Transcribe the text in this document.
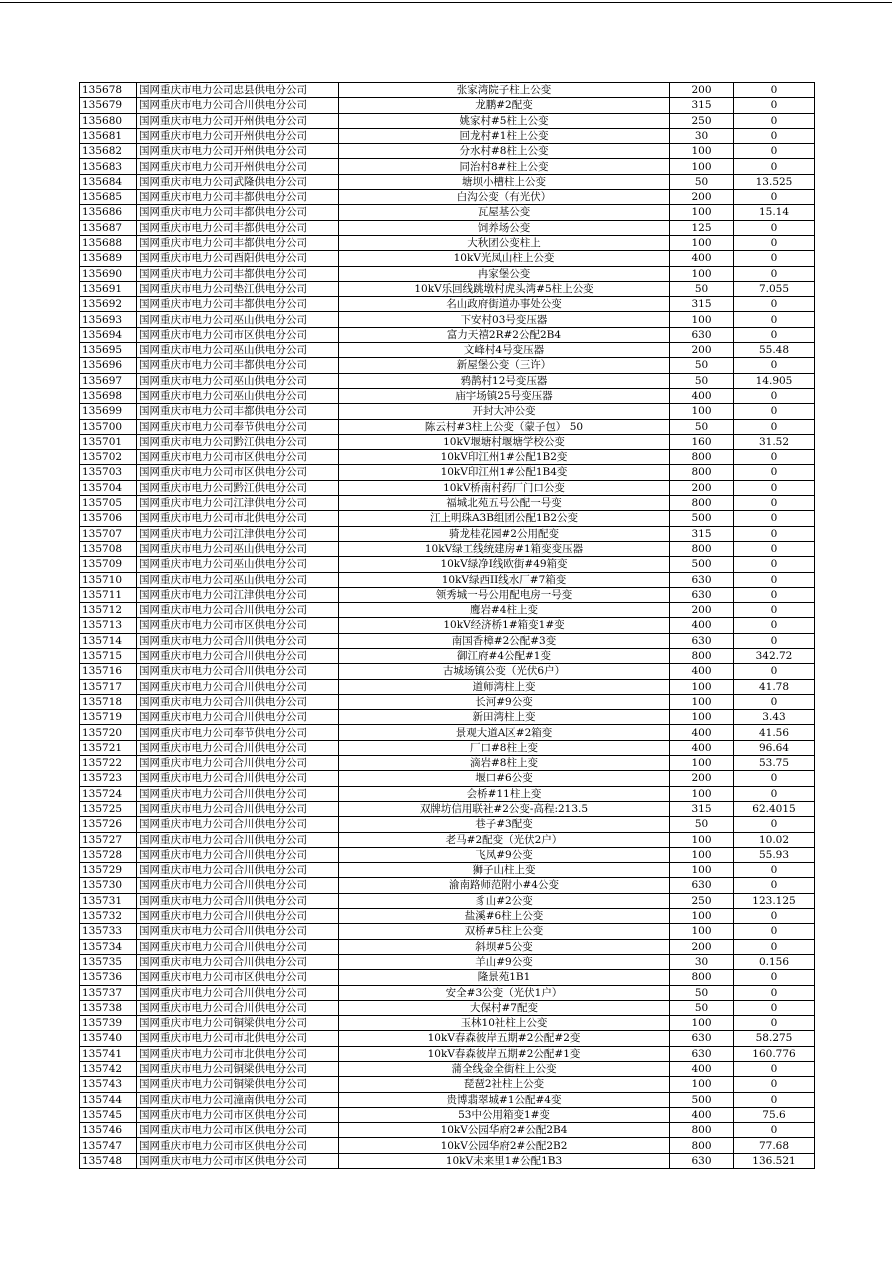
135678	国网重庆市电力公司忠县供电分公司	张家湾院子柱上公变	200	0
135679	国网重庆市电力公司合川供电分公司	龙鹏#2配变	315	0
135680	国网重庆市电力公司开州供电分公司	姚家村#5柱上公变	250	0
135681	国网重庆市电力公司开州供电分公司	回龙村#1柱上公变	30	0
135682	国网重庆市电力公司开州供电分公司	分水村#8柱上公变	100	0
135683	国网重庆市电力公司开州供电分公司	同治村8#柱上公变	100	0
135684	国网重庆市电力公司武隆供电分公司	塘坝小槽柱上公变	50	13.525
135685	国网重庆市电力公司丰都供电分公司	白沟公变（有光伏）	200	0
135686	国网重庆市电力公司丰都供电分公司	瓦屋基公变	100	15.14
135687	国网重庆市电力公司丰都供电分公司	饲养场公变	125	0
135688	国网重庆市电力公司丰都供电分公司	大秋团公变柱上	100	0
135689	国网重庆市电力公司酉阳供电分公司	10kV光凤山柱上公变	400	0
135690	国网重庆市电力公司丰都供电分公司	冉家堡公变	100	0
135691	国网重庆市电力公司垫江供电分公司	10kV乐回线跳墩村虎头湾#5柱上公变	50	7.055
135692	国网重庆市电力公司丰都供电分公司	名山政府街道办事处公变	315	0
135693	国网重庆市电力公司巫山供电分公司	下安村03号变压器	100	0
135694	国网重庆市电力公司市区供电分公司	富力天禧2R#2公配2B4	630	0
135695	国网重庆市电力公司巫山供电分公司	文峰村4号变压器	200	55.48
135696	国网重庆市电力公司丰都供电分公司	新屋堡公变（三许）	50	0
135697	国网重庆市电力公司巫山供电分公司	鸦鹊村12号变压器	50	14.905
135698	国网重庆市电力公司巫山供电分公司	庙宇场镇25号变压器	400	0
135699	国网重庆市电力公司丰都供电分公司	开封大冲公变	100	0
135700	国网重庆市电力公司奉节供电分公司	陈云村#3柱上公变（蒙子包） 50	50	0
135701	国网重庆市电力公司黔江供电分公司	10kV堰塘村堰塘学校公变	160	31.52
135702	国网重庆市电力公司市区供电分公司	10kV印江州1#公配1B2变	800	0
135703	国网重庆市电力公司市区供电分公司	10kV印江州1#公配1B4变	800	0
135704	国网重庆市电力公司黔江供电分公司	10kV桥南村药厂门口公变	200	0
135705	国网重庆市电力公司江津供电分公司	福城北苑五号公配一号变	800	0
135706	国网重庆市电力公司市北供电分公司	江上明珠A3B组团公配1B2公变	500	0
135707	国网重庆市电力公司江津供电分公司	骑龙桂花园#2公用配变	315	0
135708	国网重庆市电力公司巫山供电分公司	10kV绿工线统建房#1箱变变压器	800	0
135709	国网重庆市电力公司巫山供电分公司	10kV绿净I线欧街#49箱变	500	0
135710	国网重庆市电力公司巫山供电分公司	10kV绿西II线水厂#7箱变	630	0
135711	国网重庆市电力公司江津供电分公司	领秀城一号公用配电房一号变	630	0
135712	国网重庆市电力公司合川供电分公司	鹰岩#4柱上变	200	0
135713	国网重庆市电力公司市区供电分公司	10kV经济桥1#箱变1#变	400	0
135714	国网重庆市电力公司合川供电分公司	南国香樟#2公配#3变	630	0
135715	国网重庆市电力公司合川供电分公司	御江府#4公配#1变	800	342.72
135716	国网重庆市电力公司合川供电分公司	古城场镇公变（光伏6户）	400	0
135717	国网重庆市电力公司合川供电分公司	道师湾柱上变	100	41.78
135718	国网重庆市电力公司合川供电分公司	长河#9公变	100	0
135719	国网重庆市电力公司合川供电分公司	新田湾柱上变	100	3.43
135720	国网重庆市电力公司奉节供电分公司	景观大道A区#2箱变	400	41.56
135721	国网重庆市电力公司合川供电分公司	厂口#8柱上变	400	96.64
135722	国网重庆市电力公司合川供电分公司	滴岩#8柱上变	100	53.75
135723	国网重庆市电力公司合川供电分公司	堰口#6公变	200	0
135724	国网重庆市电力公司合川供电分公司	会桥#11柱上变	100	0
135725	国网重庆市电力公司合川供电分公司	双牌坊信用联社#2公变-高程:213.5	315	62.4015
135726	国网重庆市电力公司合川供电分公司	巷子#3配变	50	0
135727	国网重庆市电力公司合川供电分公司	老马#2配变（光伏2户）	100	10.02
135728	国网重庆市电力公司合川供电分公司	飞凤#9公变	100	55.93
135729	国网重庆市电力公司合川供电分公司	狮子山柱上变	100	0
135730	国网重庆市电力公司合川供电分公司	渝南路师范附小#4公变	630	0
135731	国网重庆市电力公司合川供电分公司	豸山#2公变	250	123.125
135732	国网重庆市电力公司合川供电分公司	盐溪#6柱上公变	100	0
135733	国网重庆市电力公司合川供电分公司	双桥#5柱上公变	100	0
135734	国网重庆市电力公司合川供电分公司	斜坝#5公变	200	0
135735	国网重庆市电力公司合川供电分公司	羊山#9公变	30	0.156
135736	国网重庆市电力公司市区供电分公司	隆景苑1B1	800	0
135737	国网重庆市电力公司合川供电分公司	安全#3公变（光伏1户）	50	0
135738	国网重庆市电力公司合川供电分公司	大保村#7配变	50	0
135739	国网重庆市电力公司铜梁供电分公司	玉林10社柱上公变	100	0
135740	国网重庆市电力公司市北供电分公司	10kV春森彼岸五期#2公配#2变	630	58.275
135741	国网重庆市电力公司市北供电分公司	10kV春森彼岸五期#2公配#1变	630	160.776
135742	国网重庆市电力公司铜梁供电分公司	蒲全线金全街柱上公变	400	0
135743	国网重庆市电力公司铜梁供电分公司	琵琶2社柱上公变	100	0
135744	国网重庆市电力公司潼南供电分公司	贵博翡翠城#1公配#4变	500	0
135745	国网重庆市电力公司市区供电分公司	53中公用箱变1#变	400	75.6
135746	国网重庆市电力公司市区供电分公司	10kV公园华府2#公配2B4	800	0
135747	国网重庆市电力公司市区供电分公司	10kV公园华府2#公配2B2	800	77.68
135748	国网重庆市电力公司市区供电分公司	10kV未来里1#公配1B3	630	136.521
